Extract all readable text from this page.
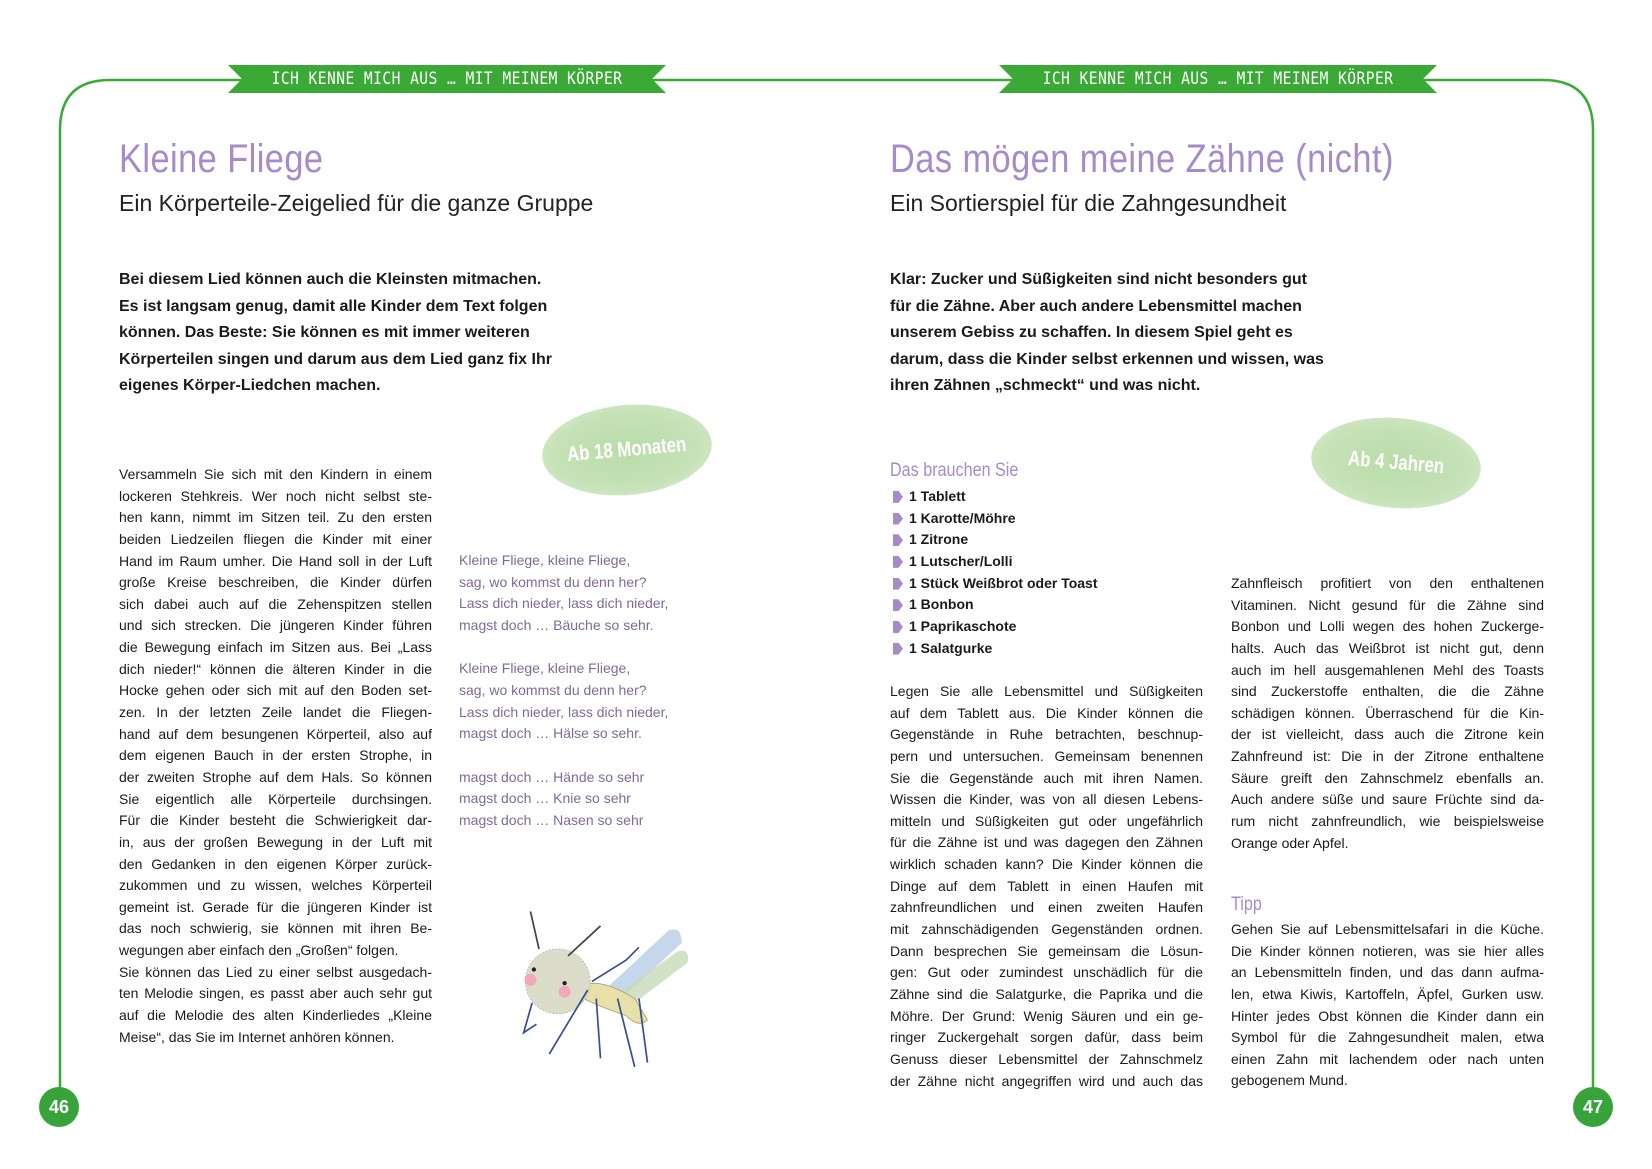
ICH KENNE MICH AUS … MIT MEINEM KÖRPER	ICH KENNE MICH AUS … MIT MEINEM KÖRPER
Kleine Fliege
Ein Körperteile-Zeigelied für die ganze Gruppe
Bei diesem Lied können auch die Kleinsten mitmachen.
Es ist langsam genug, damit alle Kinder dem Text folgen
können. Das Beste: Sie können es mit immer weiteren
Körperteilen singen und darum aus dem Lied ganz fix Ihr
eigenes Körper-Liedchen machen.
Ab 18 Monaten
Versammeln Sie sich mit den Kindern in einem
lockeren Stehkreis. Wer noch nicht selbst ste-
hen kann, nimmt im Sitzen teil. Zu den ersten
beiden Liedzeilen fliegen die Kinder mit einer
Hand im Raum umher. Die Hand soll in der Luft
große Kreise beschreiben, die Kinder dürfen
sich dabei auch auf die Zehenspitzen stellen
und sich strecken. Die jüngeren Kinder führen
die Bewegung einfach im Sitzen aus. Bei „Lass
dich nieder!“ können die älteren Kinder in die
Hocke gehen oder sich mit auf den Boden set-
zen. In der letzten Zeile landet die Fliegen-
hand auf dem besungenen Körperteil, also auf
dem eigenen Bauch in der ersten Strophe, in
der zweiten Strophe auf dem Hals. So können
Sie eigentlich alle Körperteile durchsingen.
Für die Kinder besteht die Schwierigkeit dar-
in, aus der großen Bewegung in der Luft mit
den Gedanken in den eigenen Körper zurück-
zukommen und zu wissen, welches Körperteil
gemeint ist. Gerade für die jüngeren Kinder ist
das noch schwierig, sie können mit ihren Be-
wegungen aber einfach den „Großen“ folgen.
Sie können das Lied zu einer selbst ausgedach-
ten Melodie singen, es passt aber auch sehr gut
auf die Melodie des alten Kinderliedes „Kleine
Meise“, das Sie im Internet anhören können.
Kleine Fliege, kleine Fliege,
sag, wo kommst du denn her?
Lass dich nieder, lass dich nieder,
magst doch … Bäuche so sehr.
Kleine Fliege, kleine Fliege,
sag, wo kommst du denn her?
Lass dich nieder, lass dich nieder,
magst doch … Hälse so sehr.
magst doch … Hände so sehr
magst doch … Knie so sehr
magst doch … Nasen so sehr
46
Das mögen meine Zähne (nicht)
Ein Sortierspiel für die Zahngesundheit
Klar: Zucker und Süßigkeiten sind nicht besonders gut
für die Zähne. Aber auch andere Lebensmittel machen
unserem Gebiss zu schaffen. In diesem Spiel geht es
darum, dass die Kinder selbst erkennen und wissen, was
ihren Zähnen „schmeckt“ und was nicht.
Ab 4 Jahren
Das brauchen Sie
1 Tablett
1 Karotte/Möhre
1 Zitrone
1 Lutscher/Lolli
1 Stück Weißbrot oder Toast
1 Bonbon
1 Paprikaschote
1 Salatgurke
Legen Sie alle Lebensmittel und Süßigkeiten
auf dem Tablett aus. Die Kinder können die
Gegenstände in Ruhe betrachten, beschnup-
pern und untersuchen. Gemeinsam benennen
Sie die Gegenstände auch mit ihren Namen.
Wissen die Kinder, was von all diesen Lebens-
mitteln und Süßigkeiten gut oder ungefährlich
für die Zähne ist und was dagegen den Zähnen
wirklich schaden kann? Die Kinder können die
Dinge auf dem Tablett in einen Haufen mit
zahnfreundlichen und einen zweiten Haufen
mit zahnschädigenden Gegenständen ordnen.
Dann besprechen Sie gemeinsam die Lösun-
gen: Gut oder zumindest unschädlich für die
Zähne sind die Salatgurke, die Paprika und die
Möhre. Der Grund: Wenig Säuren und ein ge-
ringer Zuckergehalt sorgen dafür, dass beim
Genuss dieser Lebensmittel der Zahnschmelz
der Zähne nicht angegriffen wird und auch das
Zahnfleisch profitiert von den enthaltenen
Vitaminen. Nicht gesund für die Zähne sind
Bonbon und Lolli wegen des hohen Zuckerge-
halts. Auch das Weißbrot ist nicht gut, denn
auch im hell ausgemahlenen Mehl des Toasts
sind Zuckerstoffe enthalten, die die Zähne
schädigen können. Überraschend für die Kin-
der ist vielleicht, dass auch die Zitrone kein
Zahnfreund ist: Die in der Zitrone enthaltene
Säure greift den Zahnschmelz ebenfalls an.
Auch andere süße und saure Früchte sind da-
rum nicht zahnfreundlich, wie beispielsweise
Orange oder Apfel.
Tipp
Gehen Sie auf Lebensmittelsafari in die Küche.
Die Kinder können notieren, was sie hier alles
an Lebensmitteln finden, und das dann aufma-
len, etwa Kiwis, Kartoffeln, Äpfel, Gurken usw.
Hinter jedes Obst können die Kinder dann ein
Symbol für die Zahngesundheit malen, etwa
einen Zahn mit lachendem oder nach unten
gebogenem Mund.
47
